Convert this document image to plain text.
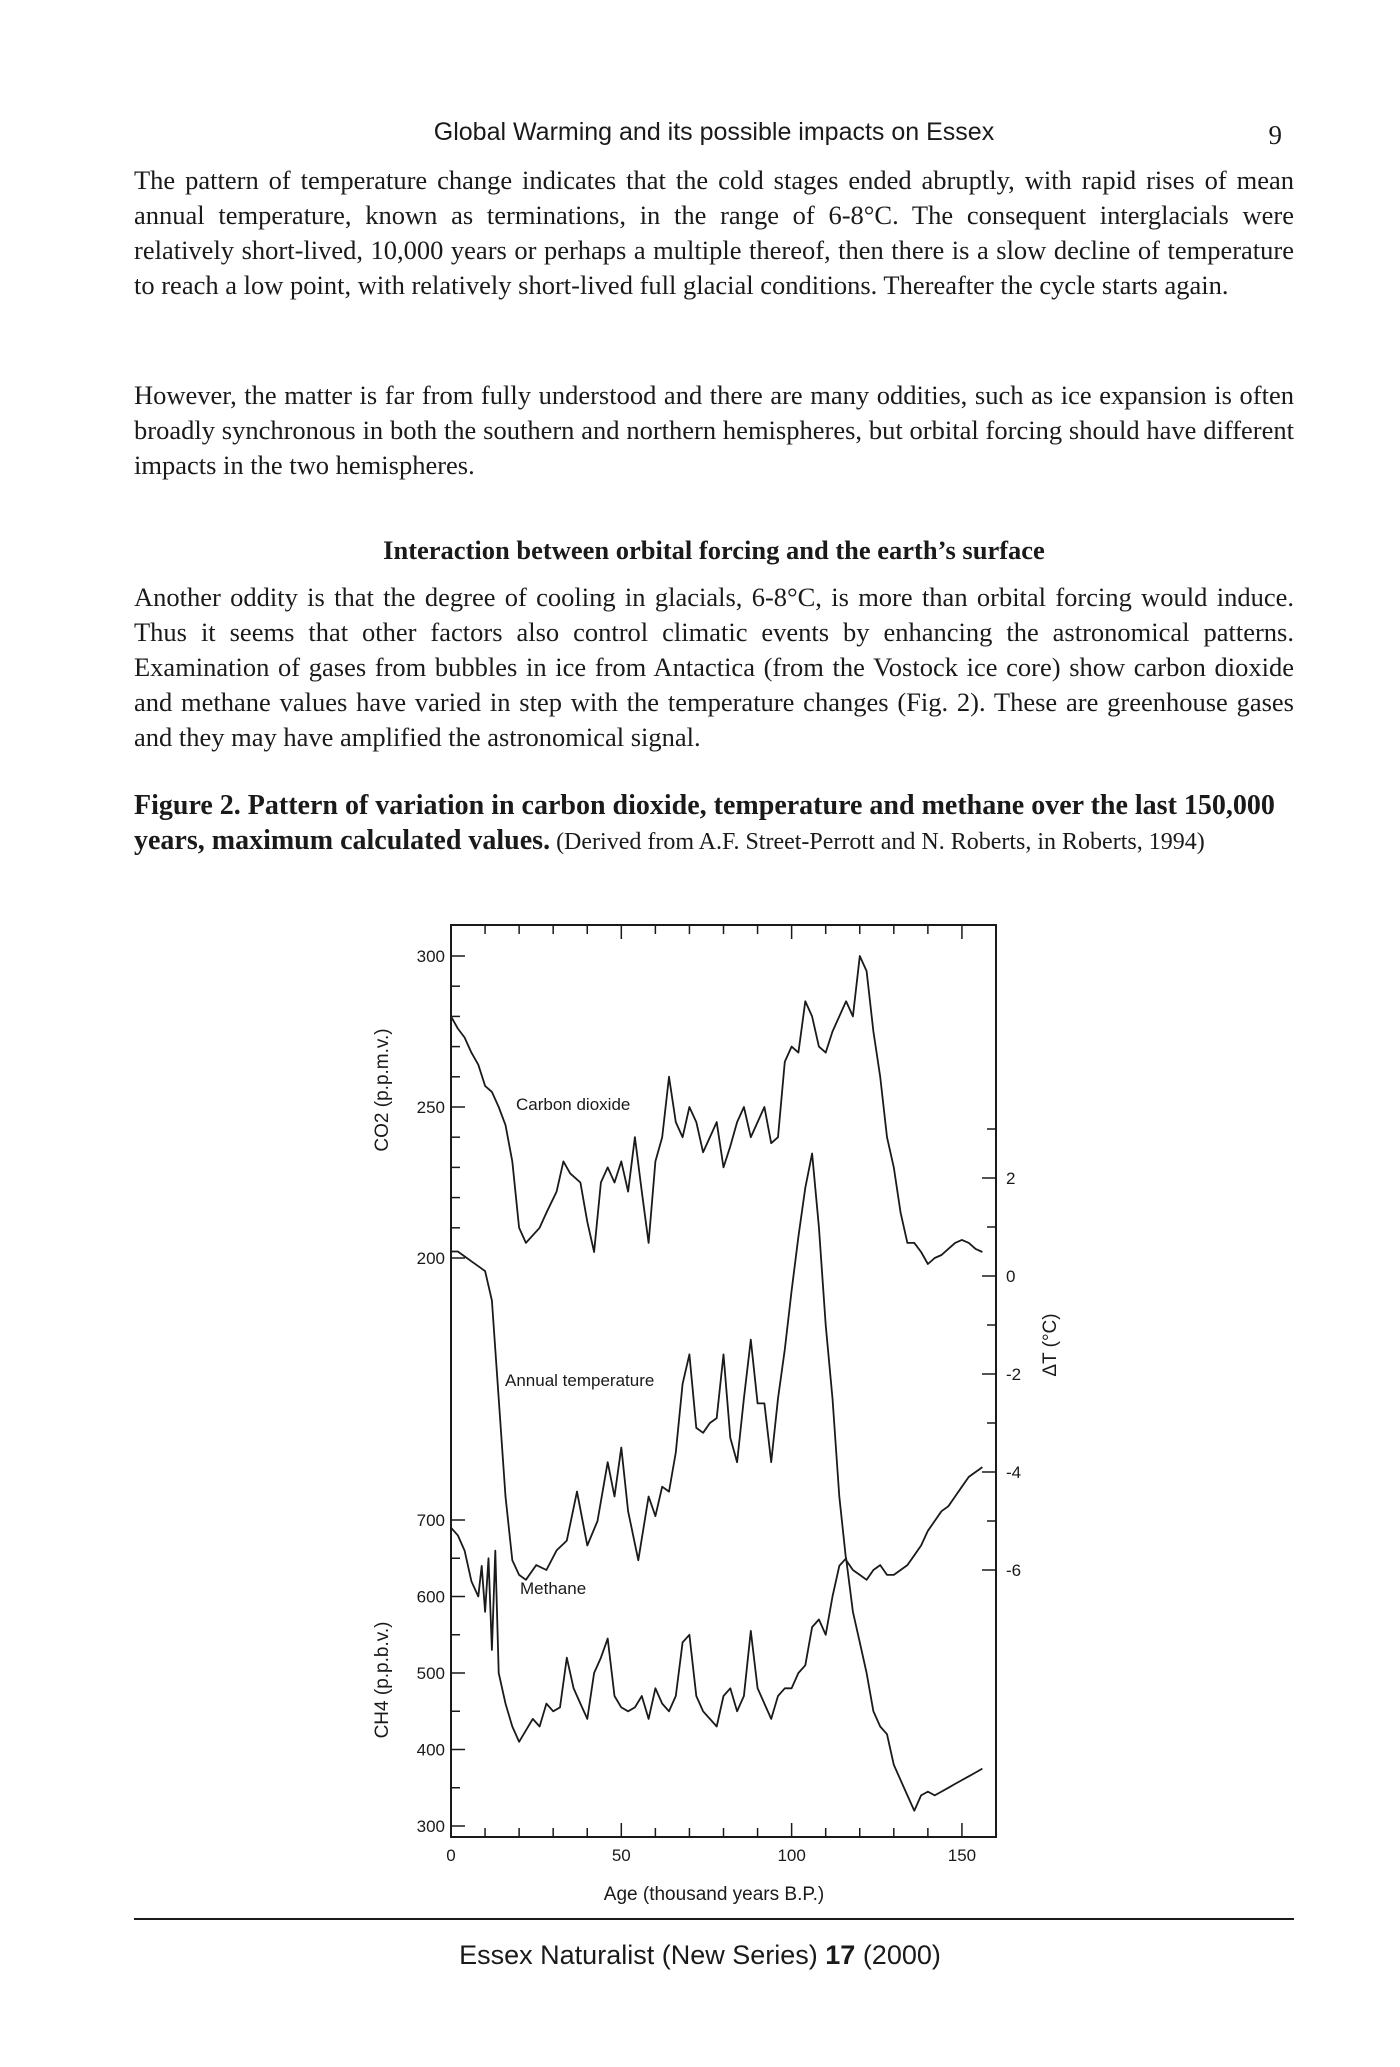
Global Warming and its possible impacts on Essex	9

The pattern of temperature change indicates that the cold stages ended abruptly, with rapid rises of mean annual temperature, known as terminations, in the range of 6-8°C. The consequent interglacials were relatively short-lived, 10,000 years or perhaps a multiple thereof, then there is a slow decline of temperature to reach a low point, with relatively short-lived full glacial conditions. Thereafter the cycle starts again.

However, the matter is far from fully understood and there are many oddities, such as ice expansion is often broadly synchronous in both the southern and northern hemispheres, but orbital forcing should have different impacts in the two hemispheres.

Interaction between orbital forcing and the earth’s surface

Another oddity is that the degree of cooling in glacials, 6-8°C, is more than orbital forcing would induce. Thus it seems that other factors also control climatic events by enhancing the astronomical patterns. Examination of gases from bubbles in ice from Antactica (from the Vostock ice core) show carbon dioxide and methane values have varied in step with the temperature changes (Fig. 2). These are greenhouse gases and they may have amplified the astronomical signal.

Figure 2. Pattern of variation in carbon dioxide, temperature and methane over the last 150,000 years, maximum calculated values. (Derived from A.F. Street-Perrott and N. Roberts, in Roberts, 1994)

0	50	100	150
200
250
300
300
400
500
600
700
2
0
-2
-4
-6
Carbon dioxide
Annual temperature
Methane
Age (thousand years B.P.)
CO2 (p.p.m.v.)
CH4 (p.p.b.v.)
ΔT (°C)
Essex Naturalist (New Series) 17 (2000)
